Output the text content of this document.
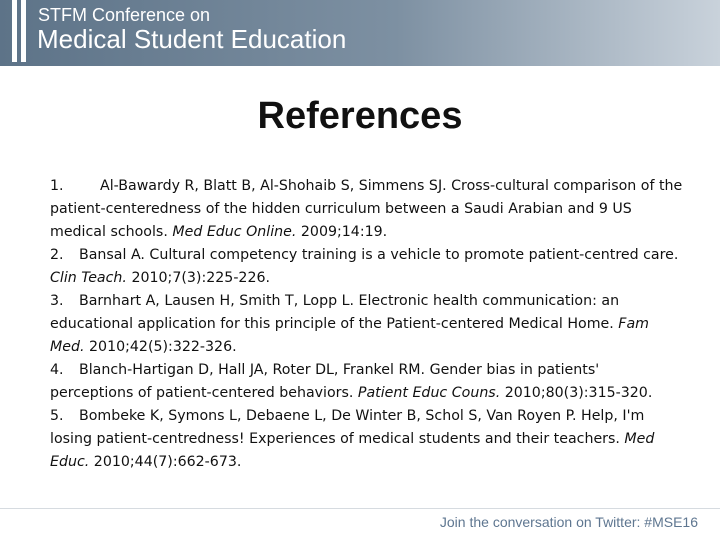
STFM Conference on
Medical Student Education
References

1.	Al-Bawardy R, Blatt B, Al-Shohaib S, Simmens SJ. Cross-cultural comparison of the patient-centeredness of the hidden curriculum between a Saudi Arabian and 9 US medical schools. Med Educ Online. 2009;14:19.

2. Bansal A. Cultural competency training is a vehicle to promote patient-centred care. Clin Teach. 2010;7(3):225-226.

3. Barnhart A, Lausen H, Smith T, Lopp L. Electronic health communication: an educational application for this principle of the Patient-centered Medical Home. Fam Med. 2010;42(5):322-326.

4. Blanch-Hartigan D, Hall JA, Roter DL, Frankel RM. Gender bias in patients' perceptions of patient-centered behaviors. Patient Educ Couns. 2010;80(3):315-320.

5. Bombeke K, Symons L, Debaene L, De Winter B, Schol S, Van Royen P. Help, I'm losing patient-centredness! Experiences of medical students and their teachers. Med Educ. 2010;44(7):662-673.

Join the conversation on Twitter: #MSE16
